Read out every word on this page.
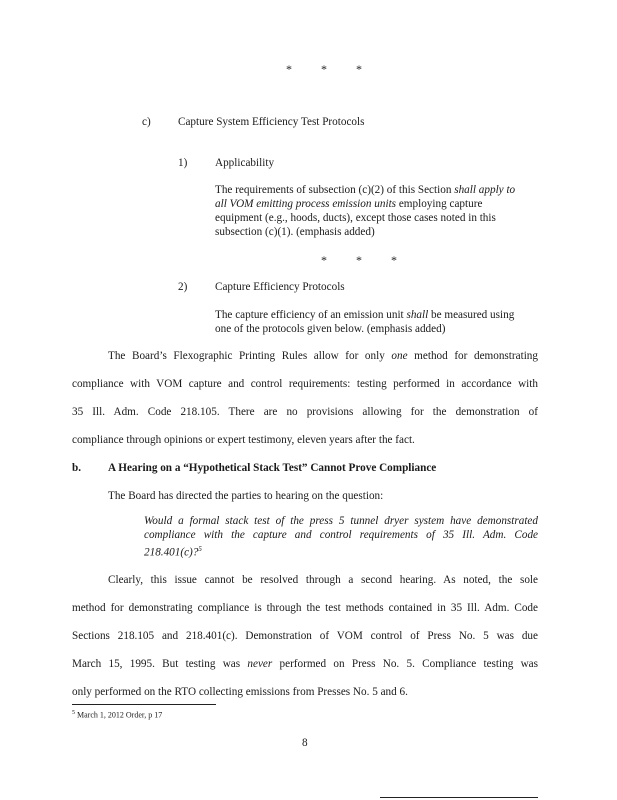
* * *
c) Capture System Efficiency Test Protocols
1) Applicability
The requirements of subsection (c)(2) of this Section shall apply to
all VOM emitting process emission units employing capture
equipment (e.g., hoods, ducts), except those cases noted in this
subsection (c)(1). (emphasis added)
* * *
2) Capture Efficiency Protocols
The capture efficiency of an emission unit shall be measured using
one of the protocols given below. (emphasis added)
The Board’s Flexographic Printing Rules allow for only one method for demonstrating
compliance with VOM capture and control requirements: testing performed in accordance with
35 Ill. Adm. Code 218.105. There are no provisions allowing for the demonstration of
compliance through opinions or expert testimony, eleven years after the fact.
b. A Hearing on a “Hypothetical Stack Test” Cannot Prove Compliance
The Board has directed the parties to hearing on the question:
Would a formal stack test of the press 5 tunnel dryer system have demonstrated
compliance with the capture and control requirements of 35 Ill. Adm. Code
218.401(c)?$^5$
Clearly, this issue cannot be resolved through a second hearing. As noted, the sole
method for demonstrating compliance is through the test methods contained in 35 Ill. Adm. Code
Sections 218.105 and 218.401(c). Demonstration of VOM control of Press No. 5 was due
March 15, 1995. But testing was never performed on Press No. 5. Compliance testing was
only performed on the RTO collecting emissions from Presses No. 5 and 6.
$^5$ March 1, 2012 Order, p 17
8
